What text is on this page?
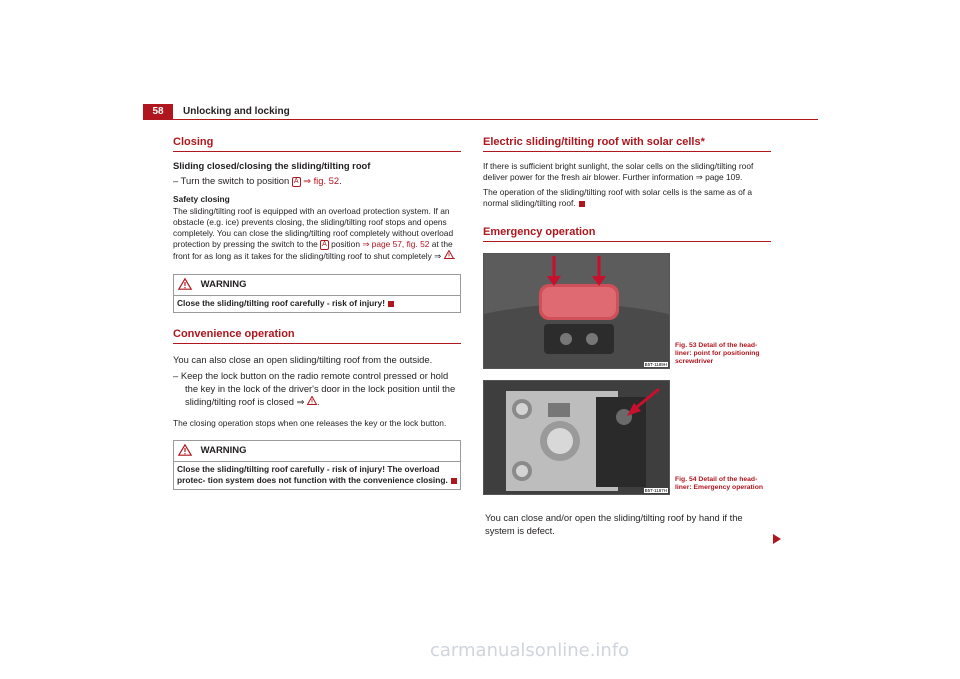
58	Unlocking and locking
Closing
Sliding closed/closing the sliding/tilting roof
– Turn the switch to position A ⇒ fig. 52.
Safety closing
The sliding/tilting roof is equipped with an overload protection system. If an obstacle (e.g. ice) prevents closing, the sliding/tilting roof stops and opens completely. You can close the sliding/tilting roof completely without overload protection by pressing the switch to the A position ⇒ page 57, fig. 52 at the front for as long as it takes for the sliding/tilting roof to shut completely ⇒ .
WARNING
Close the sliding/tilting roof carefully - risk of injury!
Convenience operation
You can also close an open sliding/tilting roof from the outside.
– Keep the lock button on the radio remote control pressed or hold the key in the lock of the driver's door in the lock position until the sliding/tilting roof is closed ⇒ .
The closing operation stops when one releases the key or the lock button.
WARNING
Close the sliding/tilting roof carefully - risk of injury! The overload protec- tion system does not function with the convenience closing.
Electric sliding/tilting roof with solar cells*
If there is sufficient bright sunlight, the solar cells on the sliding/tilting roof deliver power for the fresh air blower. Further information ⇒ page 109.
The operation of the sliding/tilting roof with solar cells is the same as of a normal sliding/tilting roof.
Emergency operation
B5T-1189H
Fig. 53 Detail of the head- liner: point for positioning screwdriver
B5T-1187H
Fig. 54 Detail of the head- liner: Emergency operation
You can close and/or open the sliding/tilting roof by hand if the system is defect.
carmanualsonline.info
